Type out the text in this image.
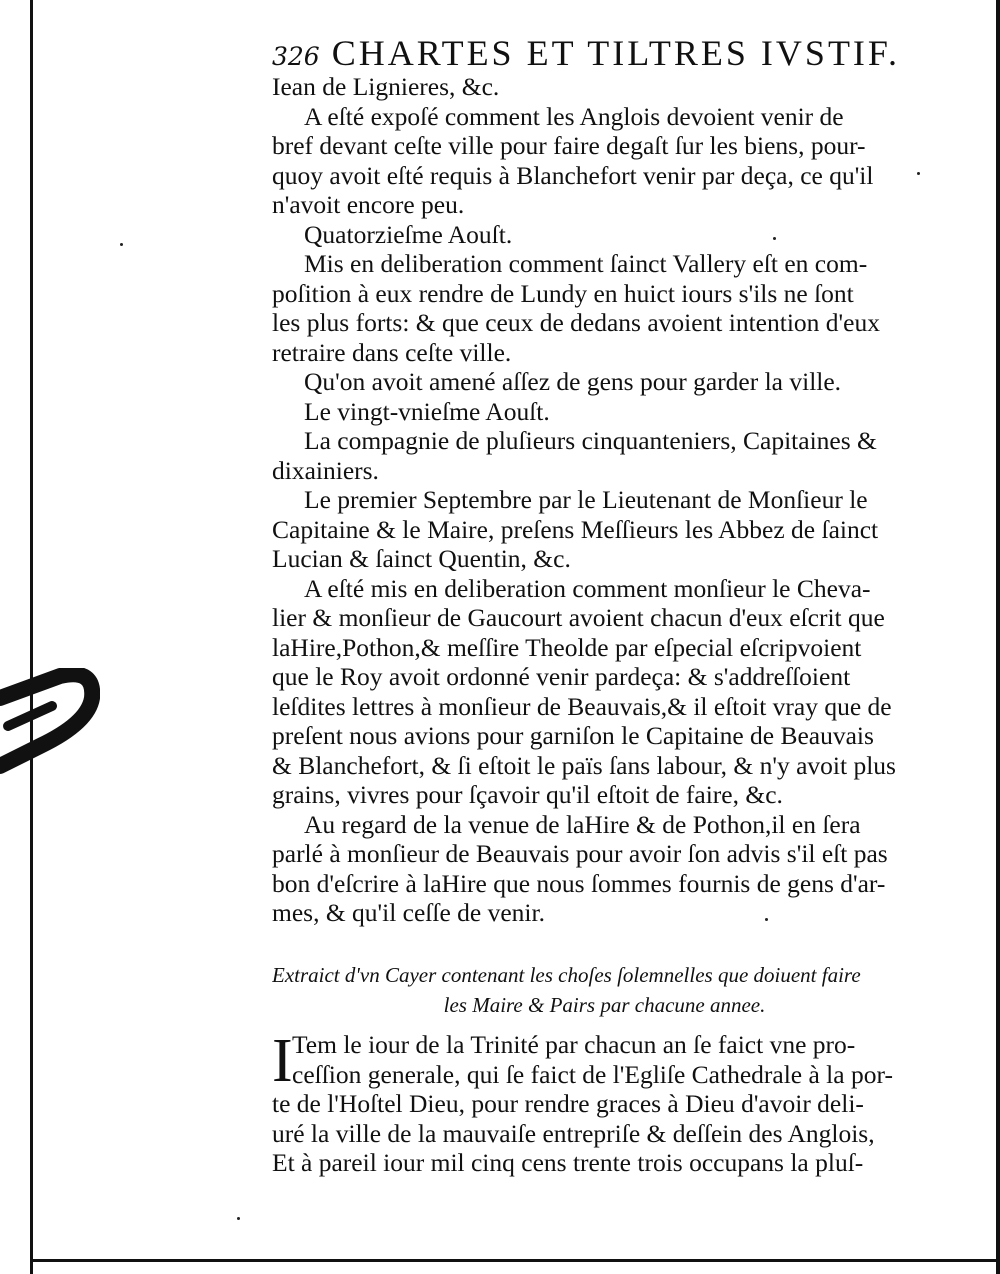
326 CHARTES ET TILTRES IVSTIF.
Iean de Lignieres, &c.
A eſté expoſé comment les Anglois devoient venir de
bref devant ceſte ville pour faire degaſt ſur les biens, pour-
quoy avoit eſté requis à Blanchefort venir par deça, ce qu'il
n'avoit encore peu.
Quatorzieſme Aouſt.
Mis en deliberation comment ſainct Vallery eſt en com-
poſition à eux rendre de Lundy en huict iours s'ils ne ſont
les plus forts: & que ceux de dedans avoient intention d'eux
retraire dans ceſte ville.
Qu'on avoit amené aſſez de gens pour garder la ville.
Le vingt-vnieſme Aouſt.
La compagnie de pluſieurs cinquanteniers, Capitaines &
dixainiers.
Le premier Septembre par le Lieutenant de Monſieur le
Capitaine & le Maire, preſens Meſſieurs les Abbez de ſainct
Lucian & ſainct Quentin, &c.
A eſté mis en deliberation comment monſieur le Cheva-
lier & monſieur de Gaucourt avoient chacun d'eux eſcrit que
laHire,Pothon,& meſſire Theolde par eſpecial eſcripvoient
que le Roy avoit ordonné venir pardeça: & s'addreſſoient
leſdites lettres à monſieur de Beauvais,& il eſtoit vray que de
preſent nous avions pour garniſon le Capitaine de Beauvais
& Blanchefort, & ſi eſtoit le païs ſans labour, & n'y avoit plus
grains, vivres pour ſçavoir qu'il eſtoit de faire, &c.
Au regard de la venue de laHire & de Pothon,il en ſera
parlé à monſieur de Beauvais pour avoir ſon advis s'il eſt pas
bon d'eſcrire à laHire que nous ſommes fournis de gens d'ar-
mes, & qu'il ceſſe de venir.
Extraict d'vn Cayer contenant les choſes ſolemnelles que doiuent faire
les Maire & Pairs par chacune annee.
I Tem le iour de la Trinité par chacun an ſe faict vne pro-
ceſſion generale, qui ſe faict de l'Egliſe Cathedrale à la por-
te de l'Hoſtel Dieu, pour rendre graces à Dieu d'avoir deli-
uré la ville de la mauvaiſe entrepriſe & deſſein des Anglois,
Et à pareil iour mil cinq cens trente trois occupans la pluſ-
